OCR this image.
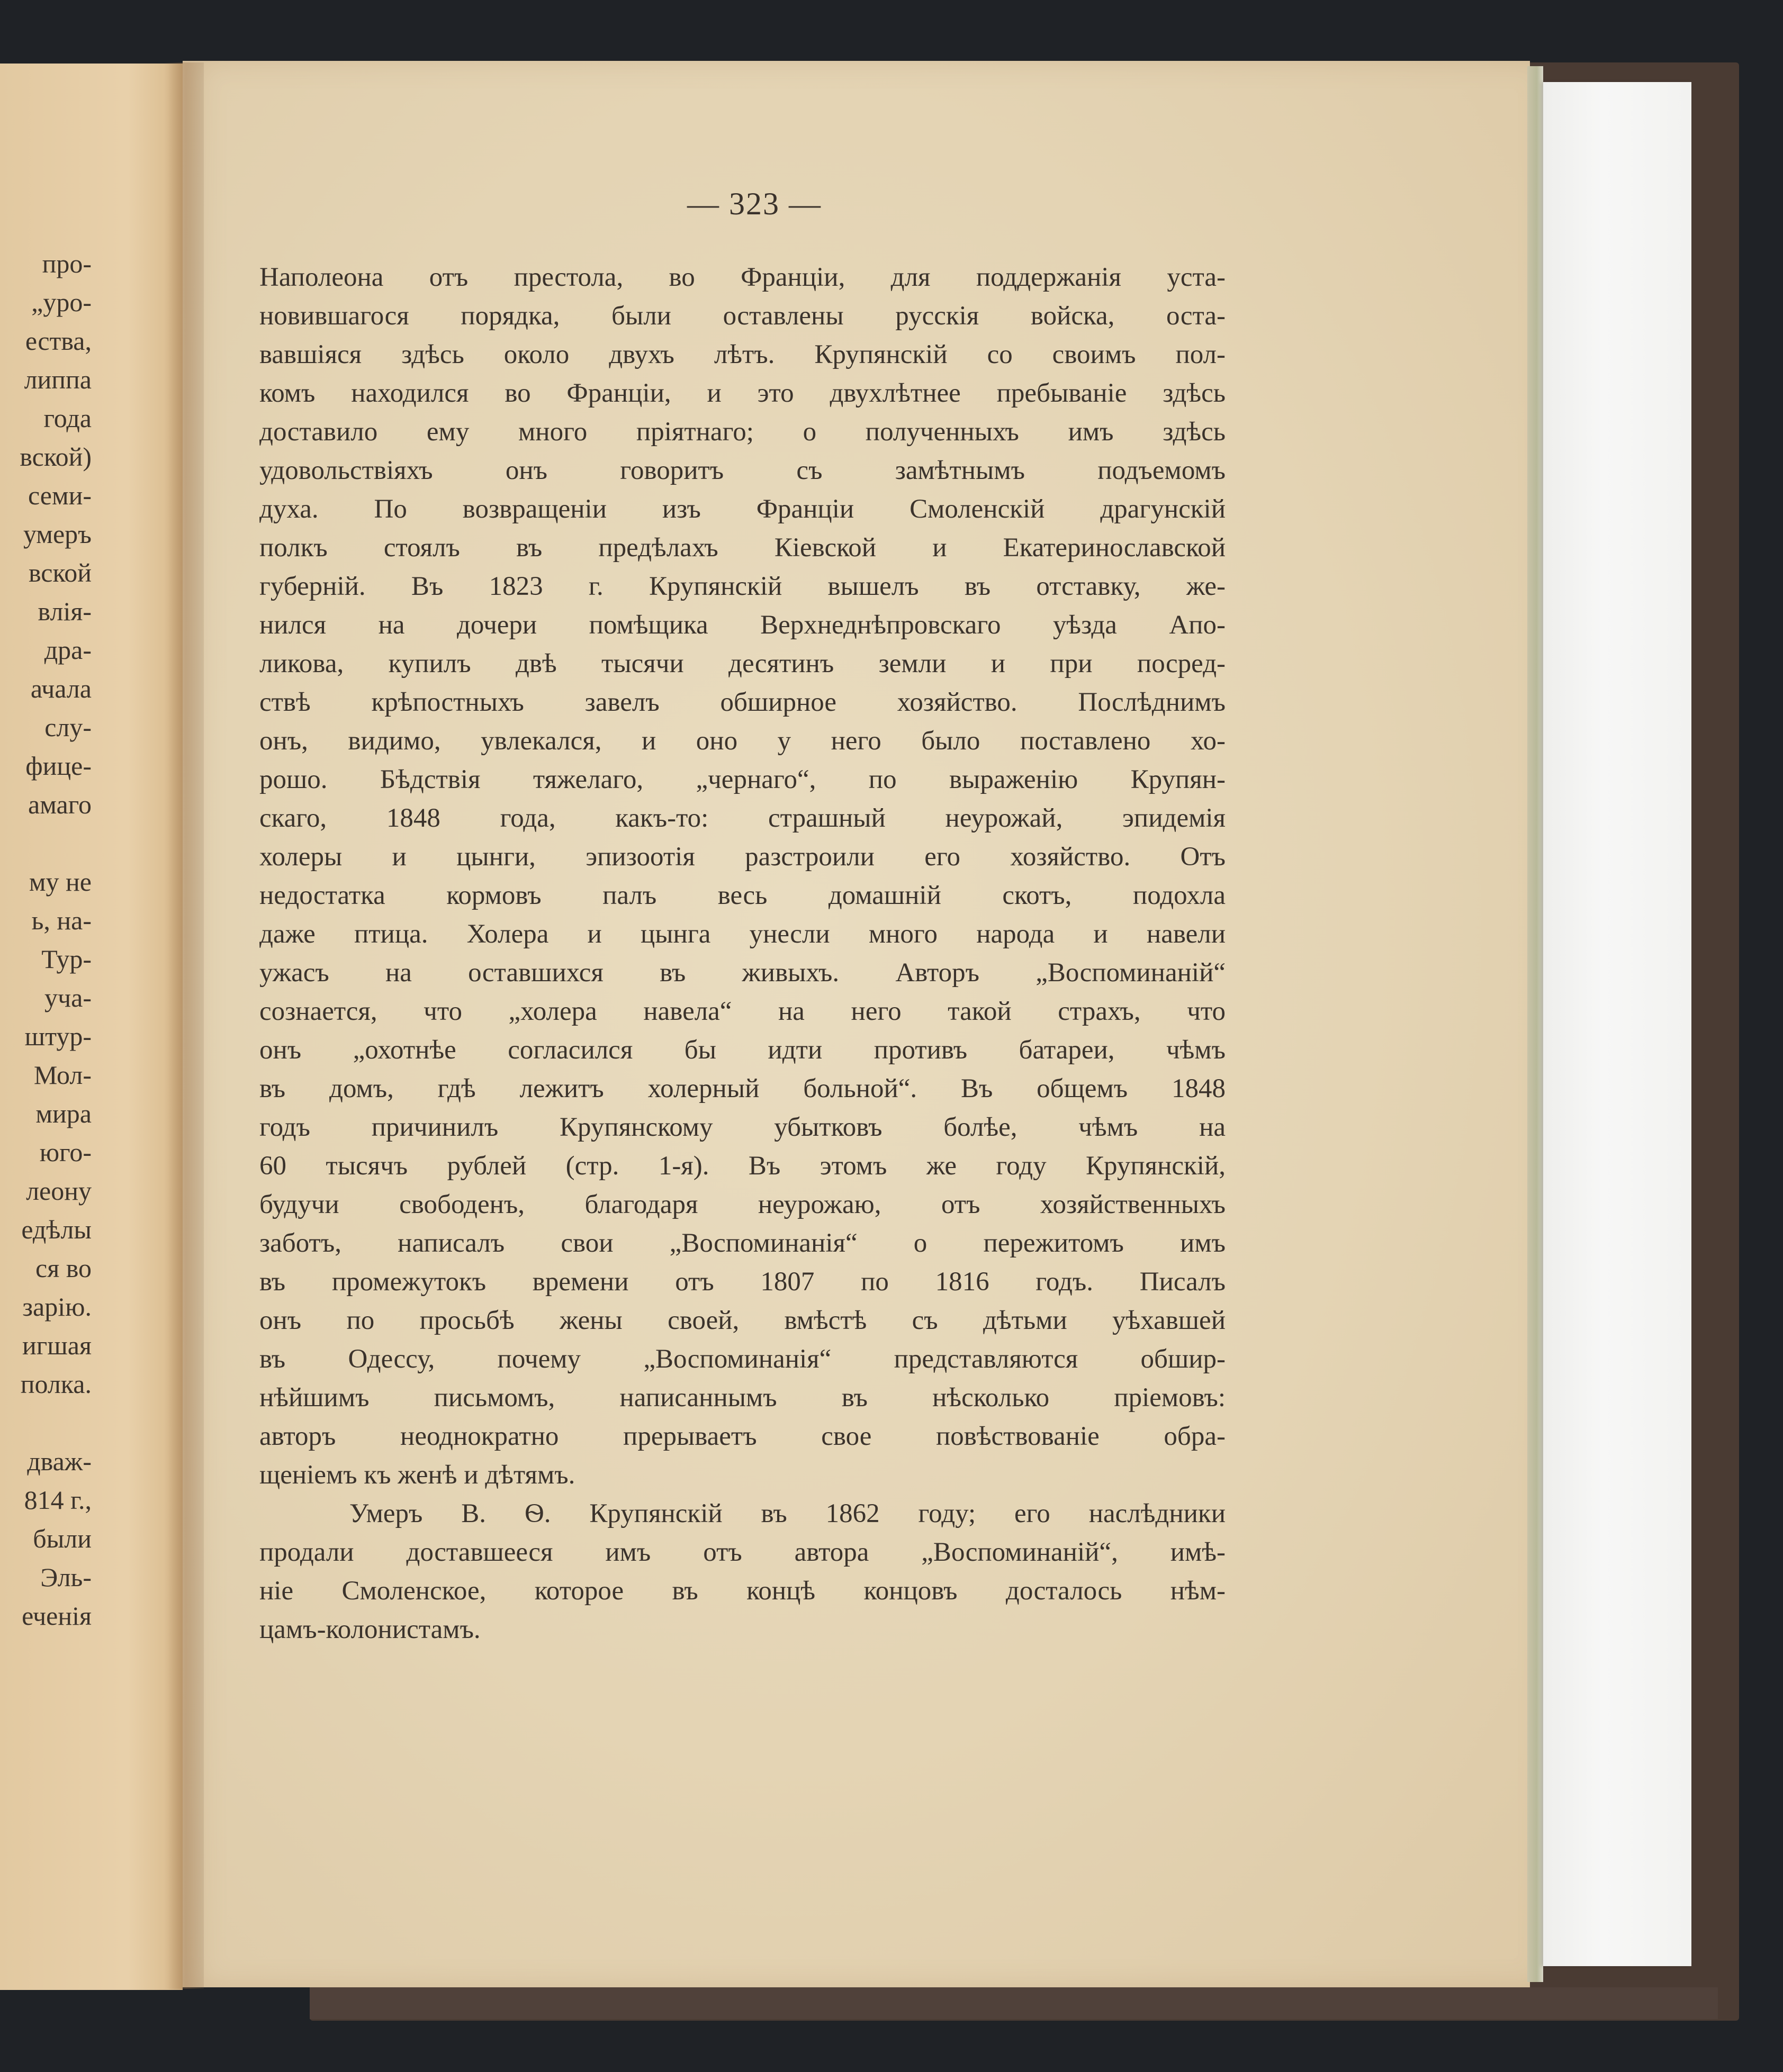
про-
„уро-
ества,
липпа
года
вской)
семи-
умеръ
вской
влія-
дра-
ачала
слу-
фице-
амаго
му не
ь, на-
Тур-
уча-
штур-
Мол-
мира
юго-
леону
едѣлы
ся во
зарію.
игшая
полка.
дваж-
814 г.,
были
Эль-
еченія
— 323 —
Наполеона отъ престола, во Франціи, для поддержанія уста-
новившагося порядка, были оставлены русскія войска, оста-
вавшіяся здѣсь около двухъ лѣтъ. Крупянскій со своимъ пол-
комъ находился во Франціи, и это двухлѣтнее пребываніе здѣсь
доставило ему много пріятнаго; о полученныхъ имъ здѣсь
удовольствіяхъ онъ говоритъ съ замѣтнымъ подъемомъ
духа. По возвращеніи изъ Франціи Смоленскій драгунскій
полкъ стоялъ въ предѣлахъ Кіевской и Екатеринославской
губерній. Въ 1823 г. Крупянскій вышелъ въ отставку, же-
нился на дочери помѣщика Верхнеднѣпровскаго уѣзда Апо-
ликова, купилъ двѣ тысячи десятинъ земли и при посред-
ствѣ крѣпостныхъ завелъ обширное хозяйство. Послѣднимъ
онъ, видимо, увлекался, и оно у него было поставлено хо-
рошо. Бѣдствія тяжелаго, „чернаго“, по выраженію Крупян-
скаго, 1848 года, какъ-то: страшный неурожай, эпидемія
холеры и цынги, эпизоотія разстроили его хозяйство. Отъ
недостатка кормовъ палъ весь домашній скотъ, подохла
даже птица. Холера и цынга унесли много народа и навели
ужасъ на оставшихся въ живыхъ. Авторъ „Воспоминаній“
сознается, что „холера навела“ на него такой страхъ, что
онъ „охотнѣе согласился бы идти противъ батареи, чѣмъ
въ домъ, гдѣ лежитъ холерный больной“. Въ общемъ 1848
годъ причинилъ Крупянскому убытковъ болѣе, чѣмъ на
60 тысячъ рублей (стр. 1-я). Въ этомъ же году Крупянскій,
будучи свободенъ, благодаря неурожаю, отъ хозяйственныхъ
заботъ, написалъ свои „Воспоминанія“ о пережитомъ имъ
въ промежутокъ времени отъ 1807 по 1816 годъ. Писалъ
онъ по просьбѣ жены своей, вмѣстѣ съ дѣтьми уѣхавшей
въ Одессу, почему „Воспоминанія“ представляются обшир-
нѣйшимъ письмомъ, написаннымъ въ нѣсколько пріемовъ:
авторъ неоднократно прерываетъ свое повѣствованіе обра-
щеніемъ къ женѣ и дѣтямъ.
Умеръ В. Ѳ. Крупянскій въ 1862 году; его наслѣдники
продали доставшееся имъ отъ автора „Воспоминаній“, имѣ-
ніе Смоленское, которое въ концѣ концовъ досталось нѣм-
цамъ-колонистамъ.
